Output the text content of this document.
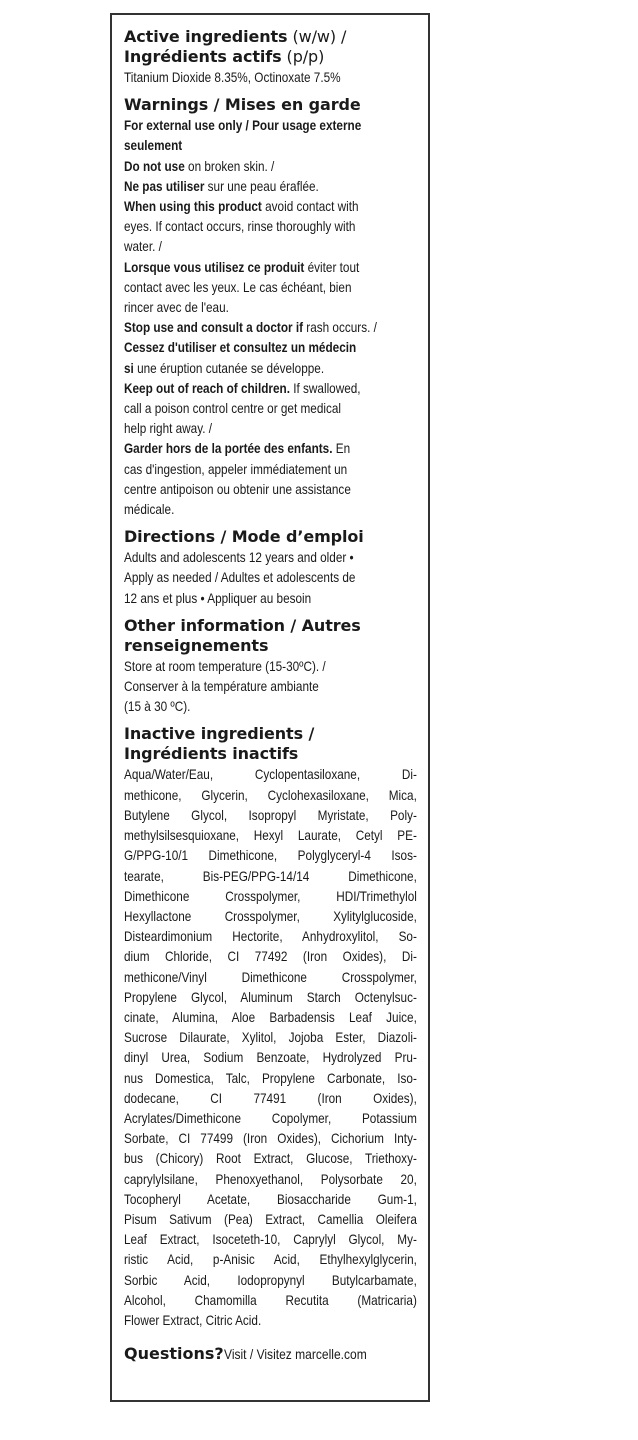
Active ingredients (w/w) /
Ingrédients actifs (p/p)
Titanium Dioxide 8.35%, Octinoxate 7.5%
Warnings / Mises en garde
For external use only / Pour usage externe
seulement
Do not use on broken skin. /
Ne pas utiliser sur une peau éraflée.
When using this product avoid contact with
eyes. If contact occurs, rinse thoroughly with
water. /
Lorsque vous utilisez ce produit éviter tout
contact avec les yeux. Le cas échéant, bien
rincer avec de l'eau.
Stop use and consult a doctor if rash occurs. /
Cessez d'utiliser et consultez un médecin
si une éruption cutanée se développe.
Keep out of reach of children. If swallowed,
call a poison control centre or get medical
help right away. /
Garder hors de la portée des enfants. En
cas d'ingestion, appeler immédiatement un
centre antipoison ou obtenir une assistance
médicale.
Directions / Mode d’emploi
Adults and adolescents 12 years and older •
Apply as needed / Adultes et adolescents de
12 ans et plus • Appliquer au besoin
Other information / Autres
renseignements
Store at room temperature (15-30ºC). /
Conserver à la température ambiante
(15 à 30 ºC).
Inactive ingredients /
Ingrédients inactifs
Aqua/Water/Eau, Cyclopentasiloxane, Di-
methicone, Glycerin, Cyclohexasiloxane, Mica,
Butylene Glycol, Isopropyl Myristate, Poly-
methylsilsesquioxane, Hexyl Laurate, Cetyl PE-
G/PPG-10/1 Dimethicone, Polyglyceryl-4 Isos-
tearate, Bis-PEG/PPG-14/14 Dimethicone,
Dimethicone Crosspolymer, HDI/Trimethylol
Hexyllactone Crosspolymer, Xylitylglucoside,
Disteardimonium Hectorite, Anhydroxylitol, So-
dium Chloride, CI 77492 (Iron Oxides), Di-
methicone/Vinyl Dimethicone Crosspolymer,
Propylene Glycol, Aluminum Starch Octenylsuc-
cinate, Alumina, Aloe Barbadensis Leaf Juice,
Sucrose Dilaurate, Xylitol, Jojoba Ester, Diazoli-
dinyl Urea, Sodium Benzoate, Hydrolyzed Pru-
nus Domestica, Talc, Propylene Carbonate, Iso-
dodecane, CI 77491 (Iron Oxides),
Acrylates/Dimethicone Copolymer, Potassium
Sorbate, CI 77499 (Iron Oxides), Cichorium Inty-
bus (Chicory) Root Extract, Glucose, Triethoxy-
caprylylsilane, Phenoxyethanol, Polysorbate 20,
Tocopheryl Acetate, Biosaccharide Gum-1,
Pisum Sativum (Pea) Extract, Camellia Oleifera
Leaf Extract, Isoceteth-10, Caprylyl Glycol, My-
ristic Acid, p-Anisic Acid, Ethylhexylglycerin,
Sorbic Acid, Iodopropynyl Butylcarbamate,
Alcohol, Chamomilla Recutita (Matricaria)
Flower Extract, Citric Acid.
Questions?Visit / Visitez marcelle.com
